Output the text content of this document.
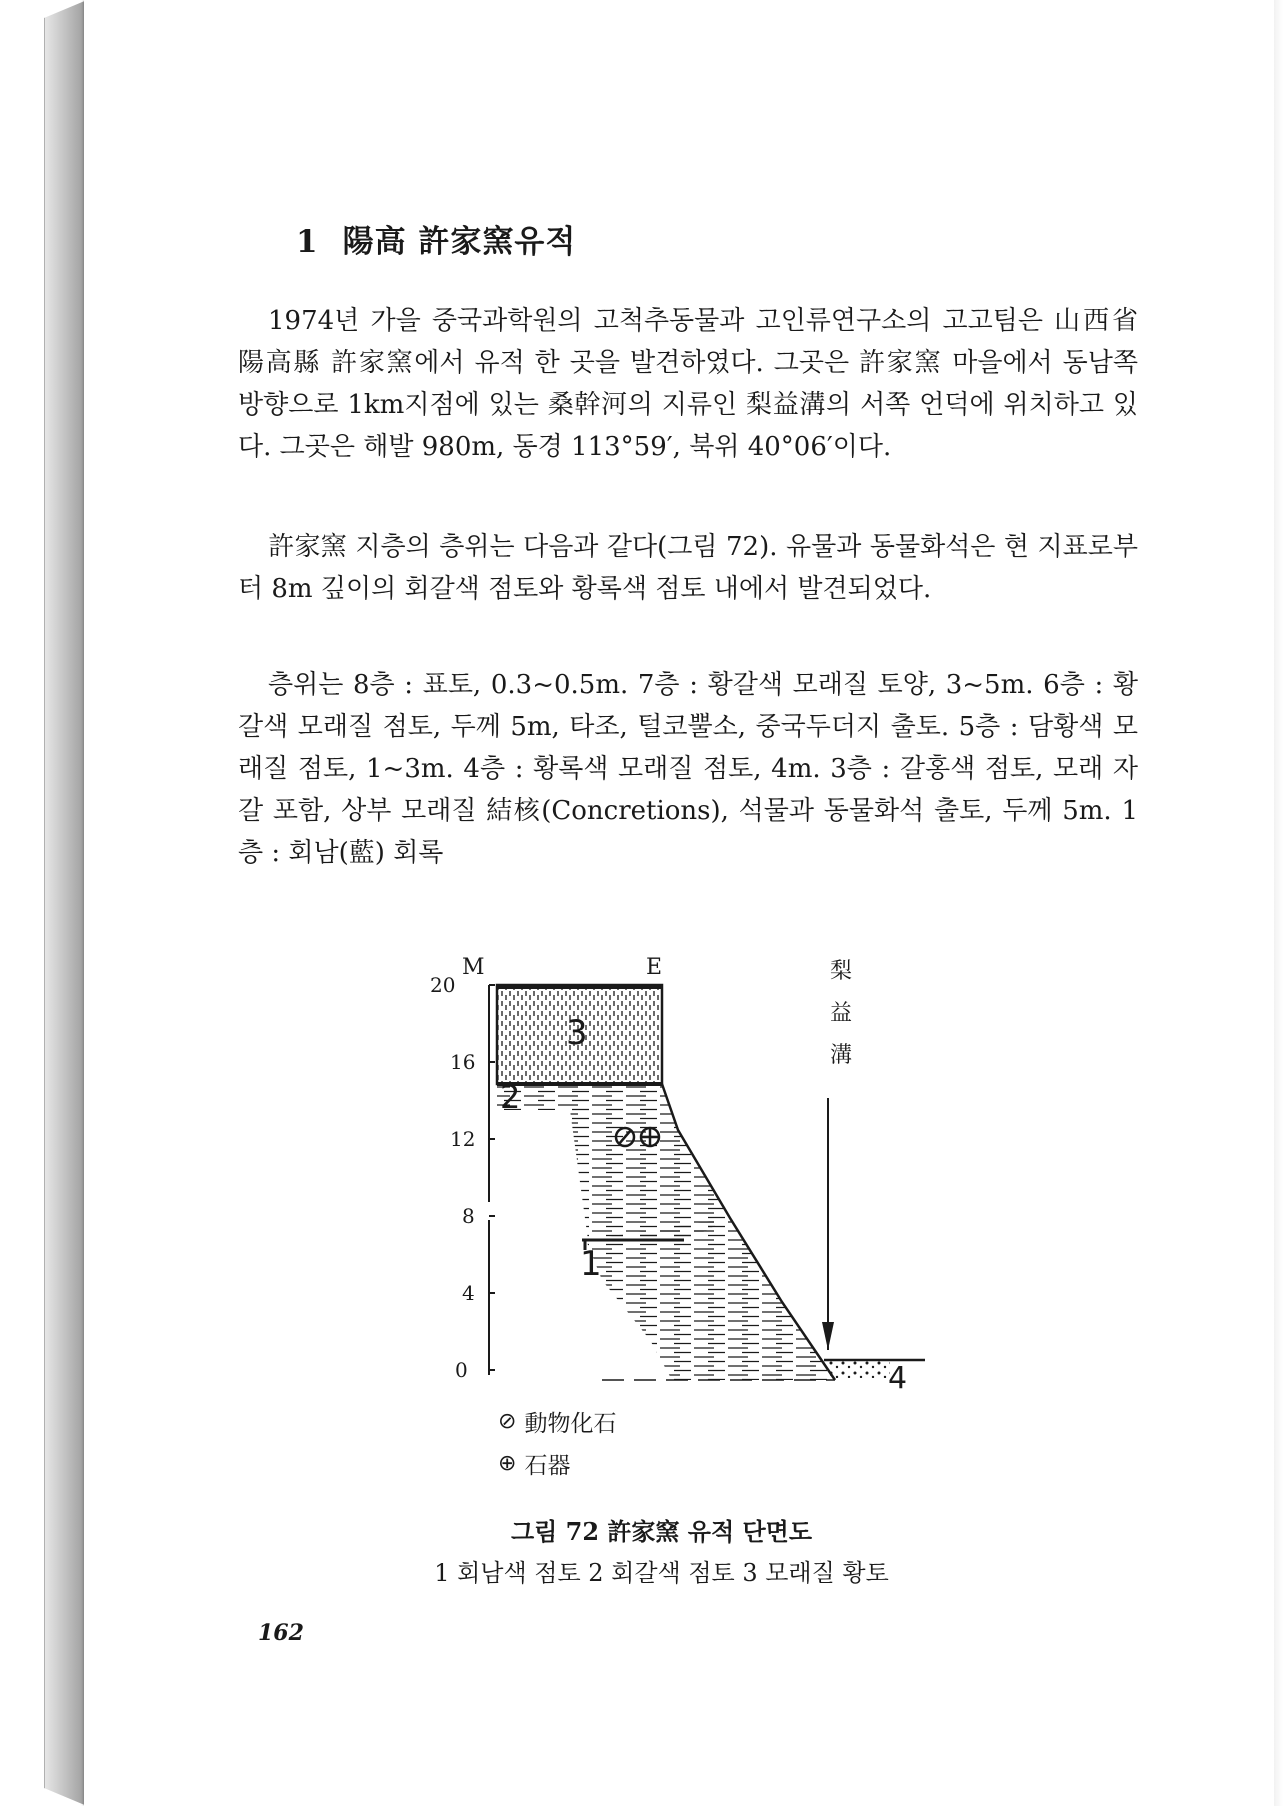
1 陽高 許家窯유적

1974년 가을 중국과학원의 고척추동물과 고인류연구소의 고고팀은 山西省 陽高縣 許家窯에서 유적 한 곳을 발견하였다. 그곳은 許家窯 마을에서 동남쪽 방향으로 1km지점에 있는 桑幹河의 지류인 梨益溝의 서쪽 언덕에 위치하고 있다. 그곳은 해발 980m, 동경 113°59′, 북위 40°06′이다.

許家窯 지층의 층위는 다음과 같다(그림 72). 유물과 동물화석은 현 지표로부터 8m 깊이의 회갈색 점토와 황록색 점토 내에서 발견되었다.

층위는 8층 : 표토, 0.3~0.5m. 7층 : 황갈색 모래질 토양, 3~5m. 6층 : 황갈색 모래질 점토, 두께 5m, 타조, 털코뿔소, 중국두더지 출토. 5층 : 담황색 모래질 점토, 1~3m. 4층 : 황록색 모래질 점토, 4m. 3층 : 갈홍색 점토, 모래 자갈 포함, 상부 모래질 結核(Concretions), 석물과 동물화석 출토, 두께 5m. 1층 : 회남(藍) 회록

0
4
8
12
16
20
M	E
3
2
1
4
梨
益
溝
⊘ 動物化石
⊕ 石器
그림 72 許家窯 유적 단면도
1 회남색 점토 2 회갈색 점토 3 모래질 황토
162
